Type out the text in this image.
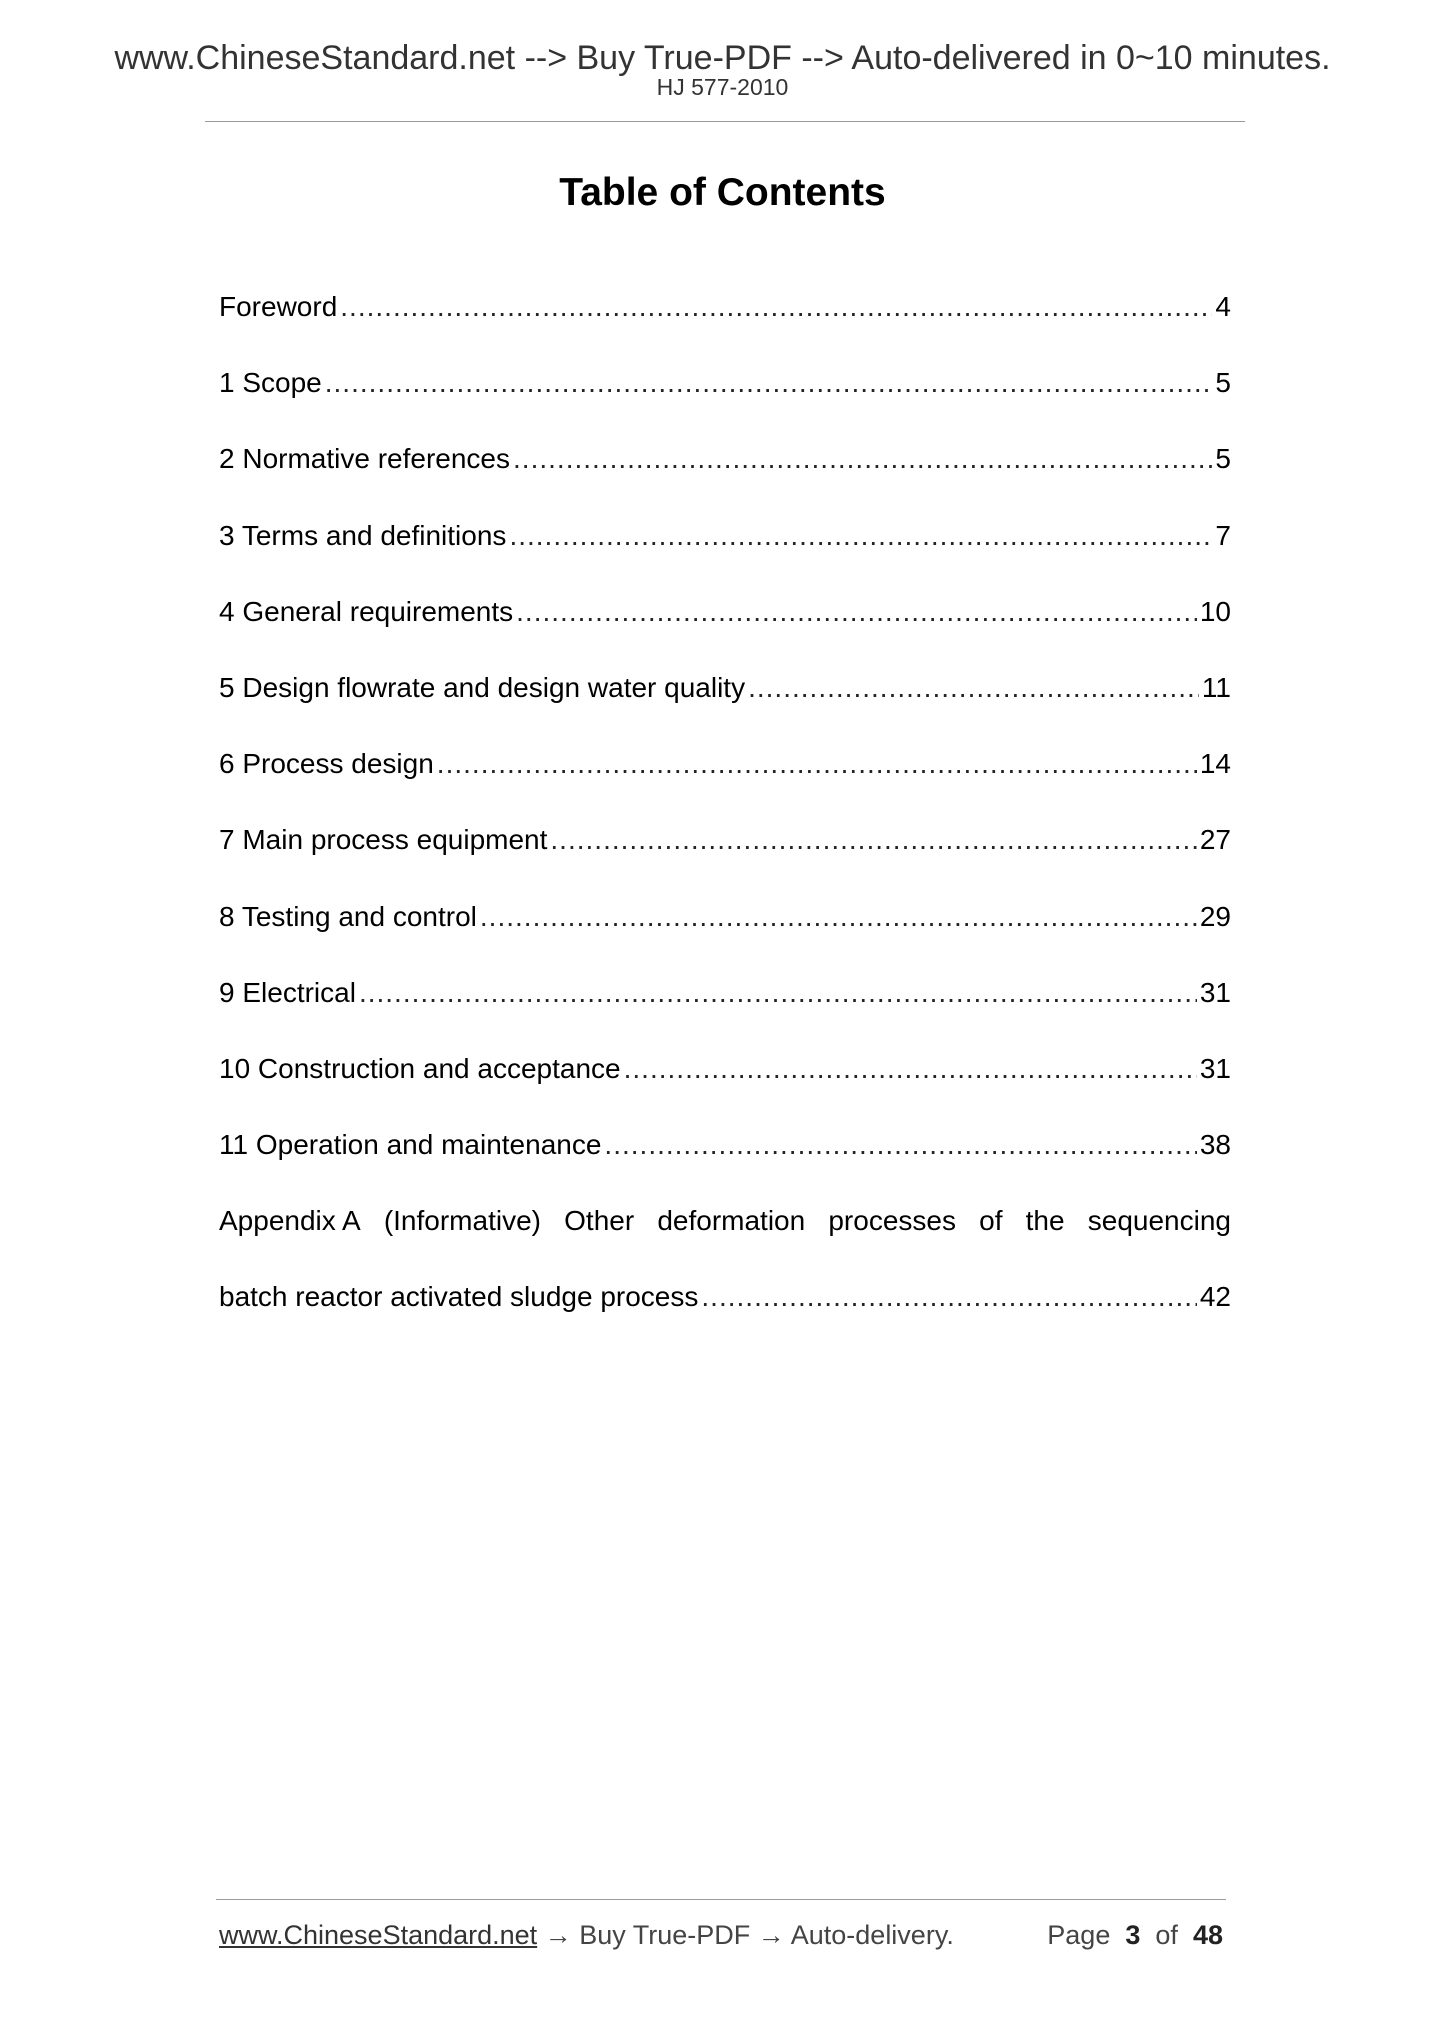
www.ChineseStandard.net --> Buy True-PDF --> Auto-delivered in 0~10 minutes.
HJ 577-2010
Table of Contents
Foreword .....	4
1 Scope .....	5
2 Normative references .....	5
3 Terms and definitions .....	7
4 General requirements .....	10
5 Design flowrate and design water quality .....	11
6 Process design .....	14
7 Main process equipment .....	27
8 Testing and control .....	29
9 Electrical .....	31
10 Construction and acceptance .....	31
11 Operation and maintenance .....	38
Appendix A (Informative) Other deformation processes of the sequencing
batch reactor activated sludge process .....	42
www.ChineseStandard.net → Buy True-PDF → Auto-delivery.	Page 3 of 48
